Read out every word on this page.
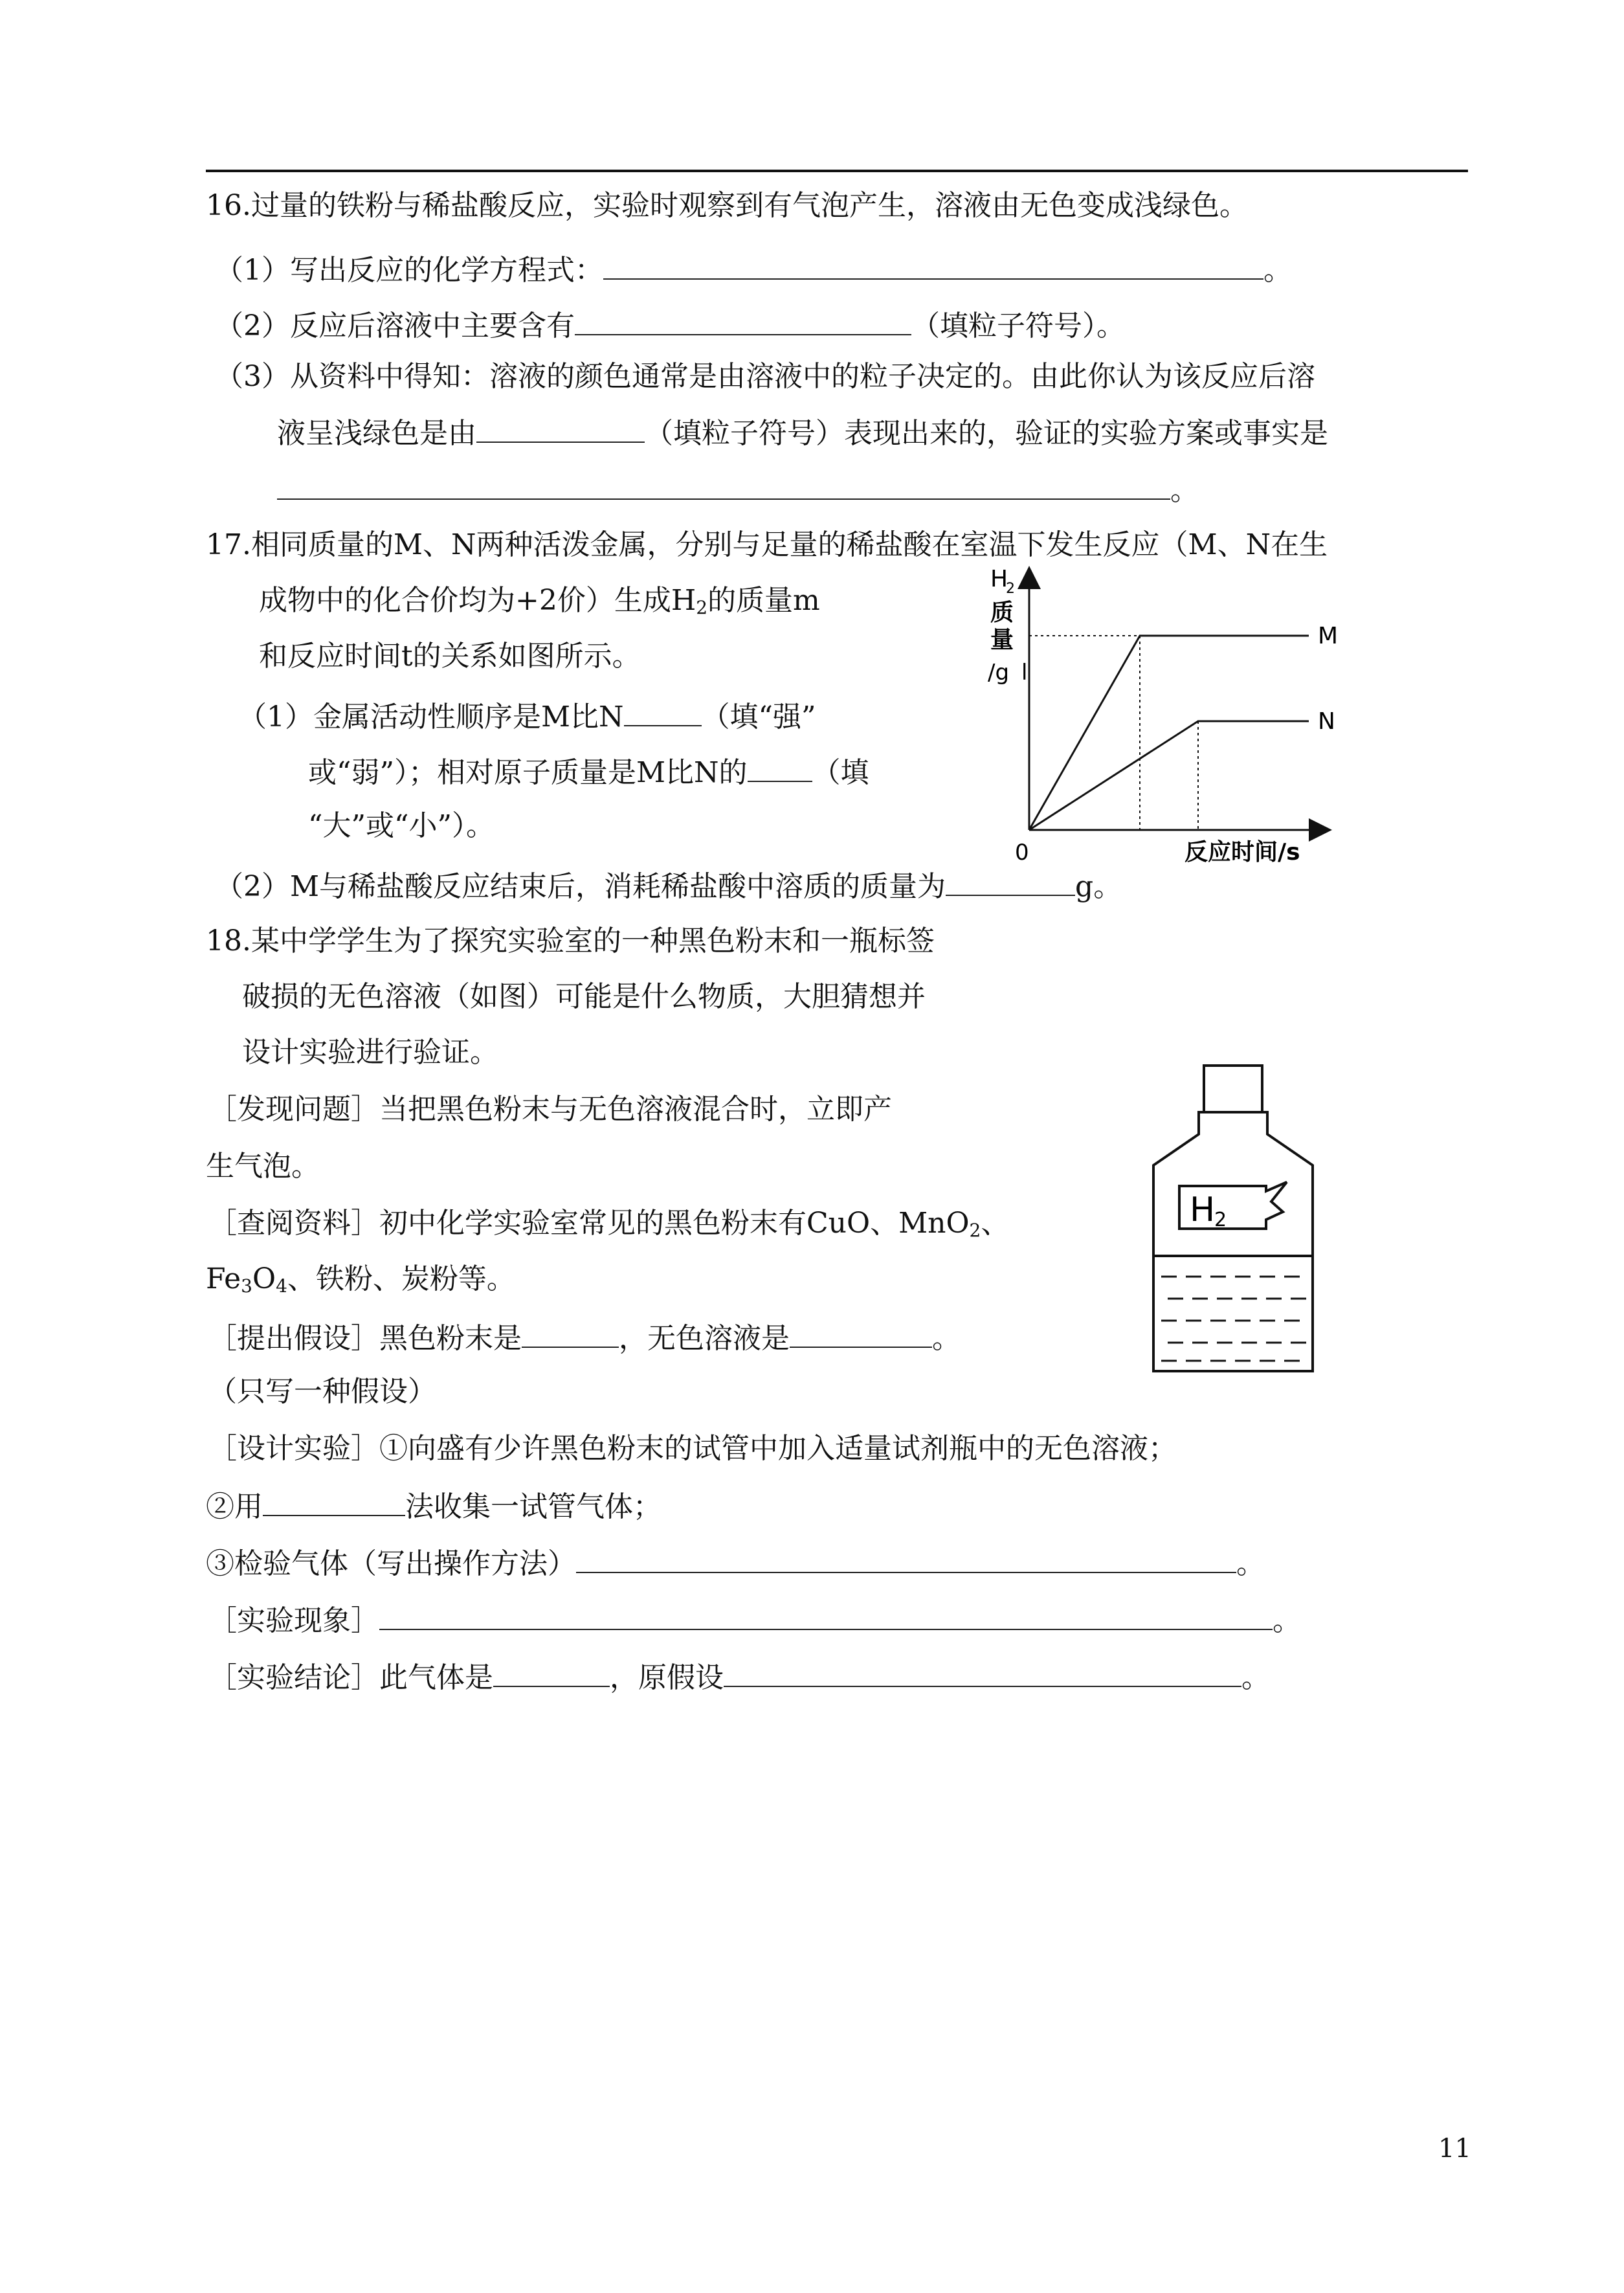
16.过量的铁粉与稀盐酸反应，实验时观察到有气泡产生，溶液由无色变成浅绿色。
（1）写出反应的化学方程式：	。
（2）反应后溶液中主要含有	（填粒子符号）。
（3）从资料中得知：溶液的颜色通常是由溶液中的粒子决定的。由此你认为该反应后溶
液呈浅绿色是由	（填粒子符号）表现出来的，验证的实验方案或事实是
。
17.相同质量的M、N两种活泼金属，分别与足量的稀盐酸在室温下发生反应（M、N在生
成物中的化合价均为+2价）生成$H_2$的质量m
和反应时间t的关系如图所示。
（1）金属活动性顺序是M比N	（填“强”
或“弱”）；相对原子质量是M比N的 （填
“大”或“小”）。
（2）M与稀盐酸反应结束后，消耗稀盐酸中溶质的质量为	g。
M
N
H
2
质
量
/g l
0	反应时间/s
18.某中学学生为了探究实验室的一种黑色粉末和一瓶标签
破损的无色溶液（如图）可能是什么物质，大胆猜想并
设计实验进行验证。
［发现问题］当把黑色粉末与无色溶液混合时，立即产
生气泡。
［查阅资料］初中化学实验室常见的黑色粉末有CuO、MnO$_2$、
$Fe_3O_4$、铁粉、炭粉等。
［提出假设］黑色粉末是	，无色溶液是	。
（只写一种假设）
［设计实验］①向盛有少许黑色粉末的试管中加入适量试剂瓶中的无色溶液；
②用	法收集一试管气体；
③检验气体（写出操作方法）	。
［实验现象］	。
［实验结论］此气体是	，原假设	。
H
2
11
